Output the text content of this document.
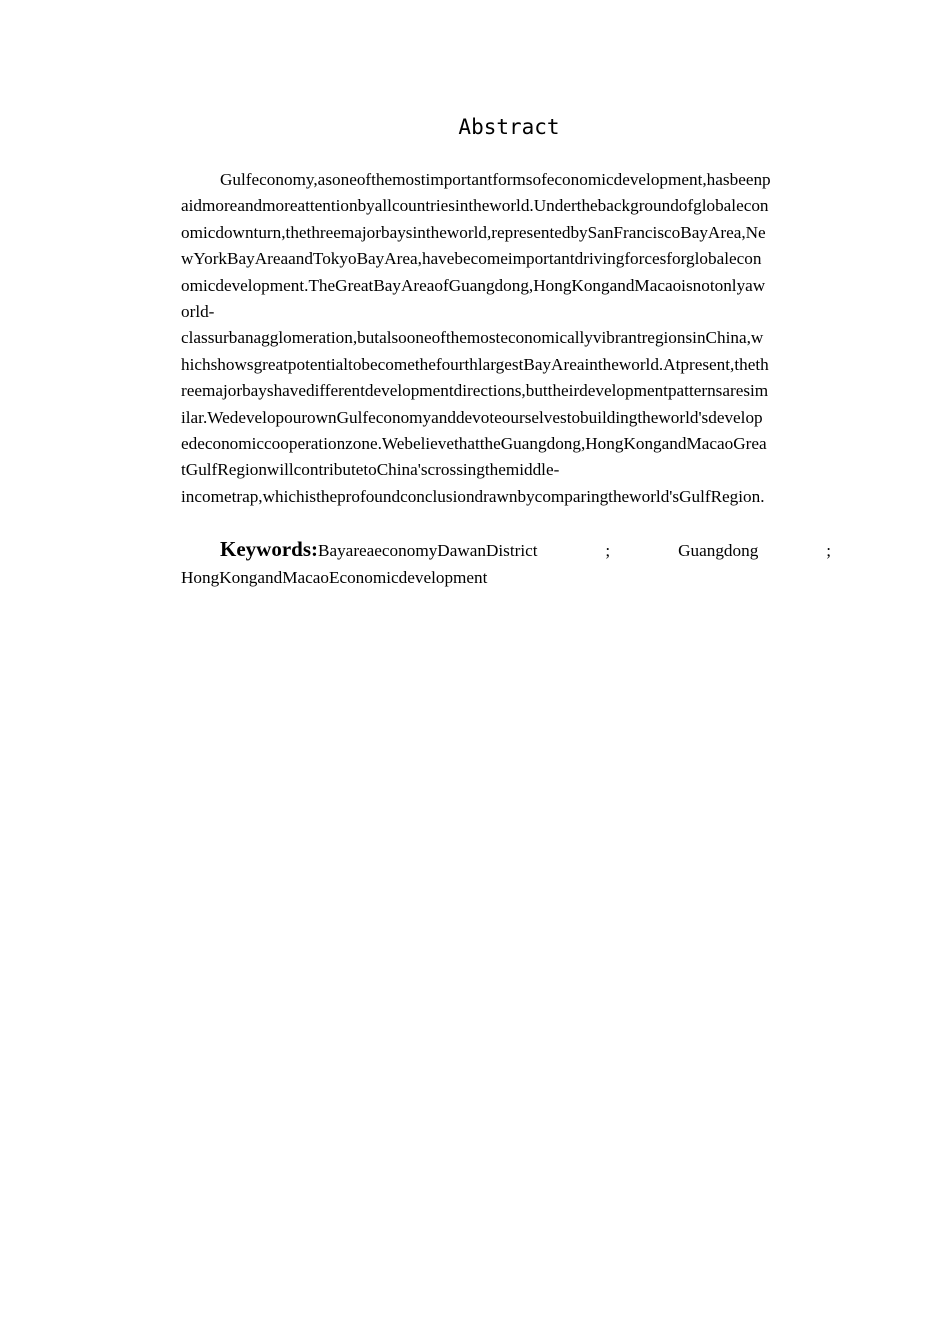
Abstract
Gulfeconomy,asoneofthemostimportantformsofeconomicdevelopment,hasbeenp
aidmoreandmoreattentionbyallcountriesintheworld.Underthebackgroundofglobalecon
omicdownturn,thethreemajorbaysintheworld,representedbySanFranciscoBayArea,Ne
wYorkBayAreaandTokyoBayArea,havebecomeimportantdrivingforcesforglobalecon
omicdevelopment.TheGreatBayAreaofGuangdong,HongKongandMacaoisnotonlyaw
orld-
classurbanagglomeration,butalsooneofthemosteconomicallyvibrantregionsinChina,w
hichshowsgreatpotentialtobecomethefourthlargestBayAreaintheworld.Atpresent,theth
reemajorbayshavedifferentdevelopmentdirections,buttheirdevelopmentpatternsaresim
ilar.WedevelopourownGulfeconomyanddevoteourselvestobuildingtheworld'sdevelop
edeconomiccooperationzone.WebelievethattheGuangdong,HongKongandMacaoGrea
tGulfRegionwillcontributetoChina'scrossingthemiddle-
incometrap,whichistheprofoundconclusiondrawnbycomparingtheworld'sGulfRegion.
Keywords:BayareaeconomyDawanDistrict	;	Guangdong	;
HongKongandMacaoEconomicdevelopment
